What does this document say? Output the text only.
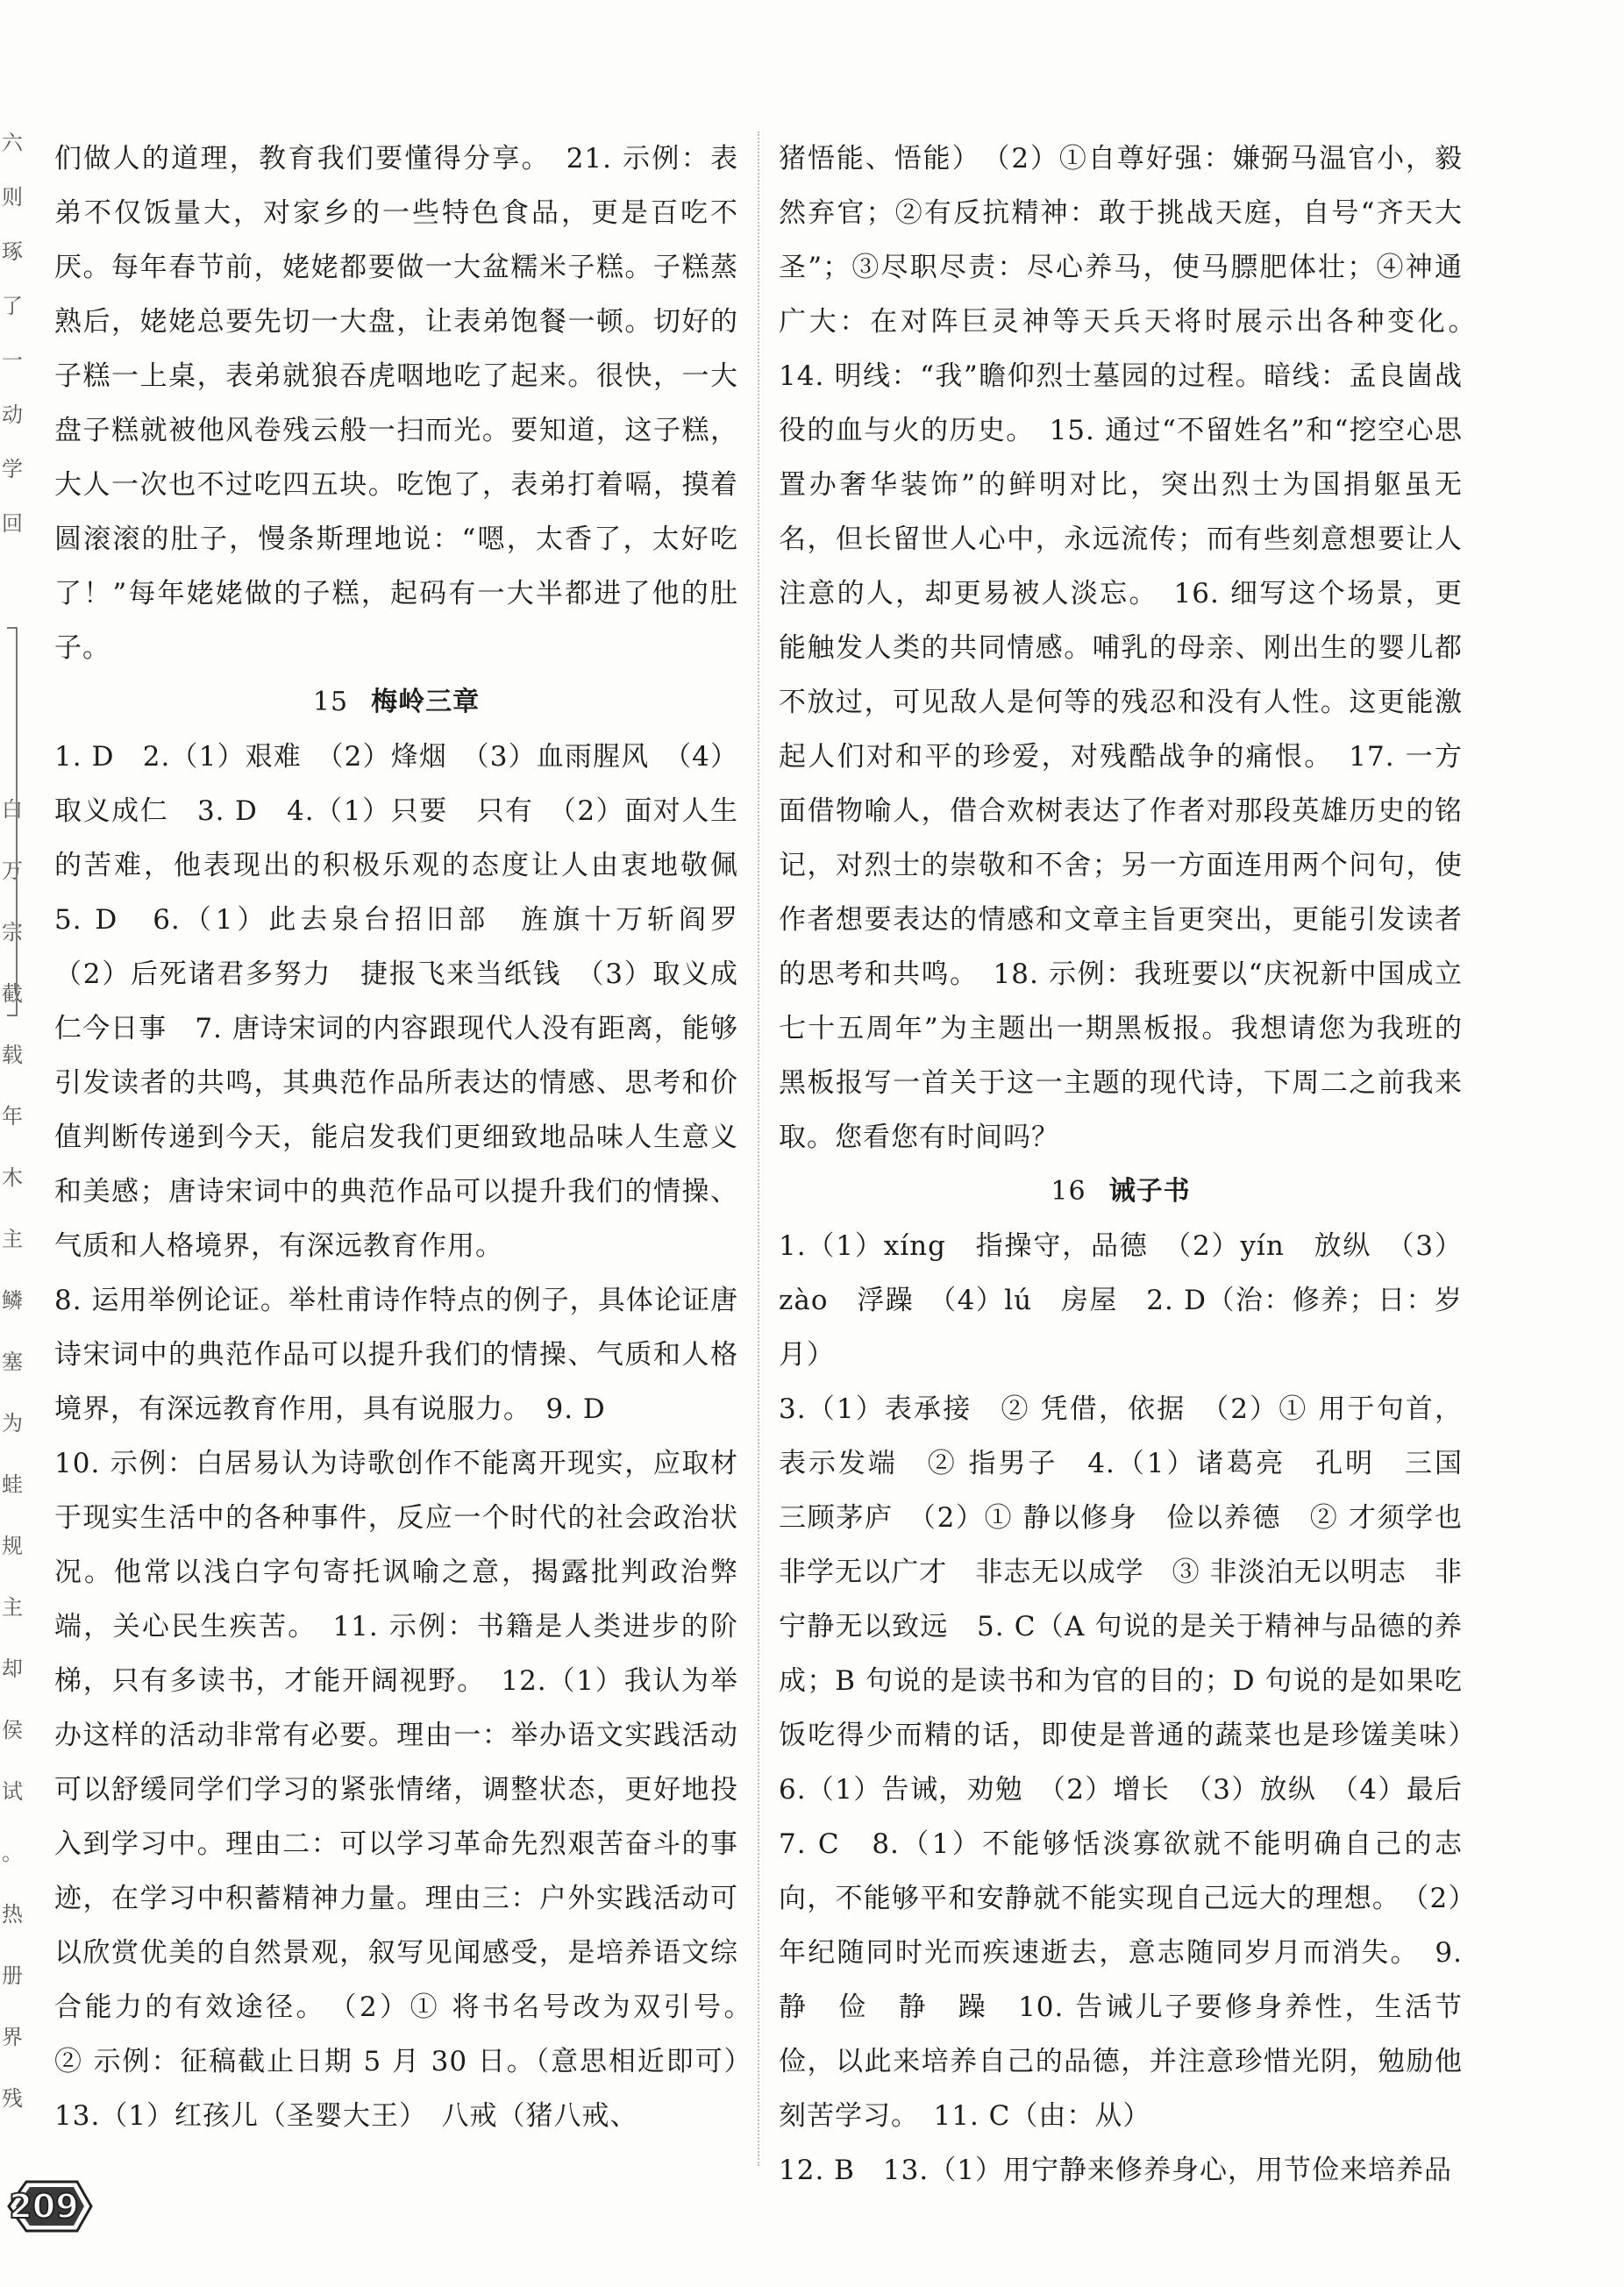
六
则
琢
了
一
动
学
回
白
万
宗
截
载
年
木
主
鳞
塞
为
蛙
规
主
却
侯
试
。
热
册
界
残

们做人的道理，教育我们要懂得分享。　21. 示例：表弟不仅饭量大，对家乡的一些特色食品，更是百吃不厌。每年春节前，姥姥都要做一大盆糯米子糕。子糕蒸熟后，姥姥总要先切一大盘，让表弟饱餐一顿。切好的子糕一上桌，表弟就狼吞虎咽地吃了起来。很快，一大盘子糕就被他风卷残云般一扫而光。要知道，这子糕，大人一次也不过吃四五块。吃饱了，表弟打着嗝，摸着圆滚滚的肚子，慢条斯理地说：“嗯，太香了，太好吃了！”每年姥姥做的子糕，起码有一大半都进了他的肚子。

15 梅岭三章

1. D　2.（1）艰难　（2）烽烟　（3）血雨腥风　（4）取义成仁　3. D　4.（1）只要　只有　（2）面对人生的苦难，他表现出的积极乐观的态度让人由衷地敬佩　5. D　6.（1）此去泉台招旧部　旌旗十万斩阎罗　（2）后死诸君多努力　捷报飞来当纸钱　（3）取义成仁今日事　7. 唐诗宋词的内容跟现代人没有距离，能够引发读者的共鸣，其典范作品所表达的情感、思考和价值判断传递到今天，能启发我们更细致地品味人生意义和美感；唐诗宋词中的典范作品可以提升我们的情操、气质和人格境界，有深远教育作用。

8. 运用举例论证。举杜甫诗作特点的例子，具体论证唐诗宋词中的典范作品可以提升我们的情操、气质和人格境界，有深远教育作用，具有说服力。　9. D

10. 示例：白居易认为诗歌创作不能离开现实，应取材于现实生活中的各种事件，反应一个时代的社会政治状况。他常以浅白字句寄托讽喻之意，揭露批判政治弊端，关心民生疾苦。　11. 示例：书籍是人类进步的阶梯，只有多读书，才能开阔视野。　12.（1）我认为举办这样的活动非常有必要。理由一：举办语文实践活动可以舒缓同学们学习的紧张情绪，调整状态，更好地投入到学习中。理由二：可以学习革命先烈艰苦奋斗的事迹，在学习中积蓄精神力量。理由三：户外实践活动可以欣赏优美的自然景观，叙写见闻感受，是培养语文综合能力的有效途径。　（2）① 将书名号改为双引号。　② 示例：征稿截止日期 5 月 30 日。（意思相近即可）　13.（1）红孩儿（圣婴大王）　八戒（猪八戒、

猪悟能、悟能）　（2）①自尊好强：嫌弼马温官小，毅然弃官；②有反抗精神：敢于挑战天庭，自号“齐天大圣”；③尽职尽责：尽心养马，使马膘肥体壮；④神通广大：在对阵巨灵神等天兵天将时展示出各种变化。　14. 明线：“我”瞻仰烈士墓园的过程。暗线：孟良崮战役的血与火的历史。　15. 通过“不留姓名”和“挖空心思置办奢华装饰”的鲜明对比，突出烈士为国捐躯虽无名，但长留世人心中，永远流传；而有些刻意想要让人注意的人，却更易被人淡忘。　16. 细写这个场景，更能触发人类的共同情感。哺乳的母亲、刚出生的婴儿都不放过，可见敌人是何等的残忍和没有人性。这更能激起人们对和平的珍爱，对残酷战争的痛恨。　17. 一方面借物喻人，借合欢树表达了作者对那段英雄历史的铭记，对烈士的崇敬和不舍；另一方面连用两个问句，使作者想要表达的情感和文章主旨更突出，更能引发读者的思考和共鸣。　18. 示例：我班要以“庆祝新中国成立七十五周年”为主题出一期黑板报。我想请您为我班的黑板报写一首关于这一主题的现代诗，下周二之前我来取。您看您有时间吗？

16 诫子书

1.（1）xíng　指操守，品德　（2）yín　放纵　（3）zào　浮躁　（4）lú　房屋　2. D（治：修养；日：岁月）

3.（1）表承接　② 凭借，依据　（2）① 用于句首，表示发端　② 指男子　4.（1）诸葛亮　孔明　三国　三顾茅庐　（2）① 静以修身　俭以养德　② 才须学也　非学无以广才　非志无以成学　③ 非淡泊无以明志　非宁静无以致远　5. C（A 句说的是关于精神与品德的养成；B 句说的是读书和为官的目的；D 句说的是如果吃饭吃得少而精的话，即使是普通的蔬菜也是珍馐美味）　6.（1）告诫，劝勉　（2）增长　（3）放纵　（4）最后　7. C　8.（1）不能够恬淡寡欲就不能明确自己的志向，不能够平和安静就不能实现自己远大的理想。　（2）年纪随同时光而疾速逝去，意志随同岁月而消失。　9. 静　俭　静　躁　10. 告诫儿子要修身养性，生活节俭，以此来培养自己的品德，并注意珍惜光阴，勉励他刻苦学习。　11. C（由：从）

12. B　13.（1）用宁静来修养身心，用节俭来培养品

209
